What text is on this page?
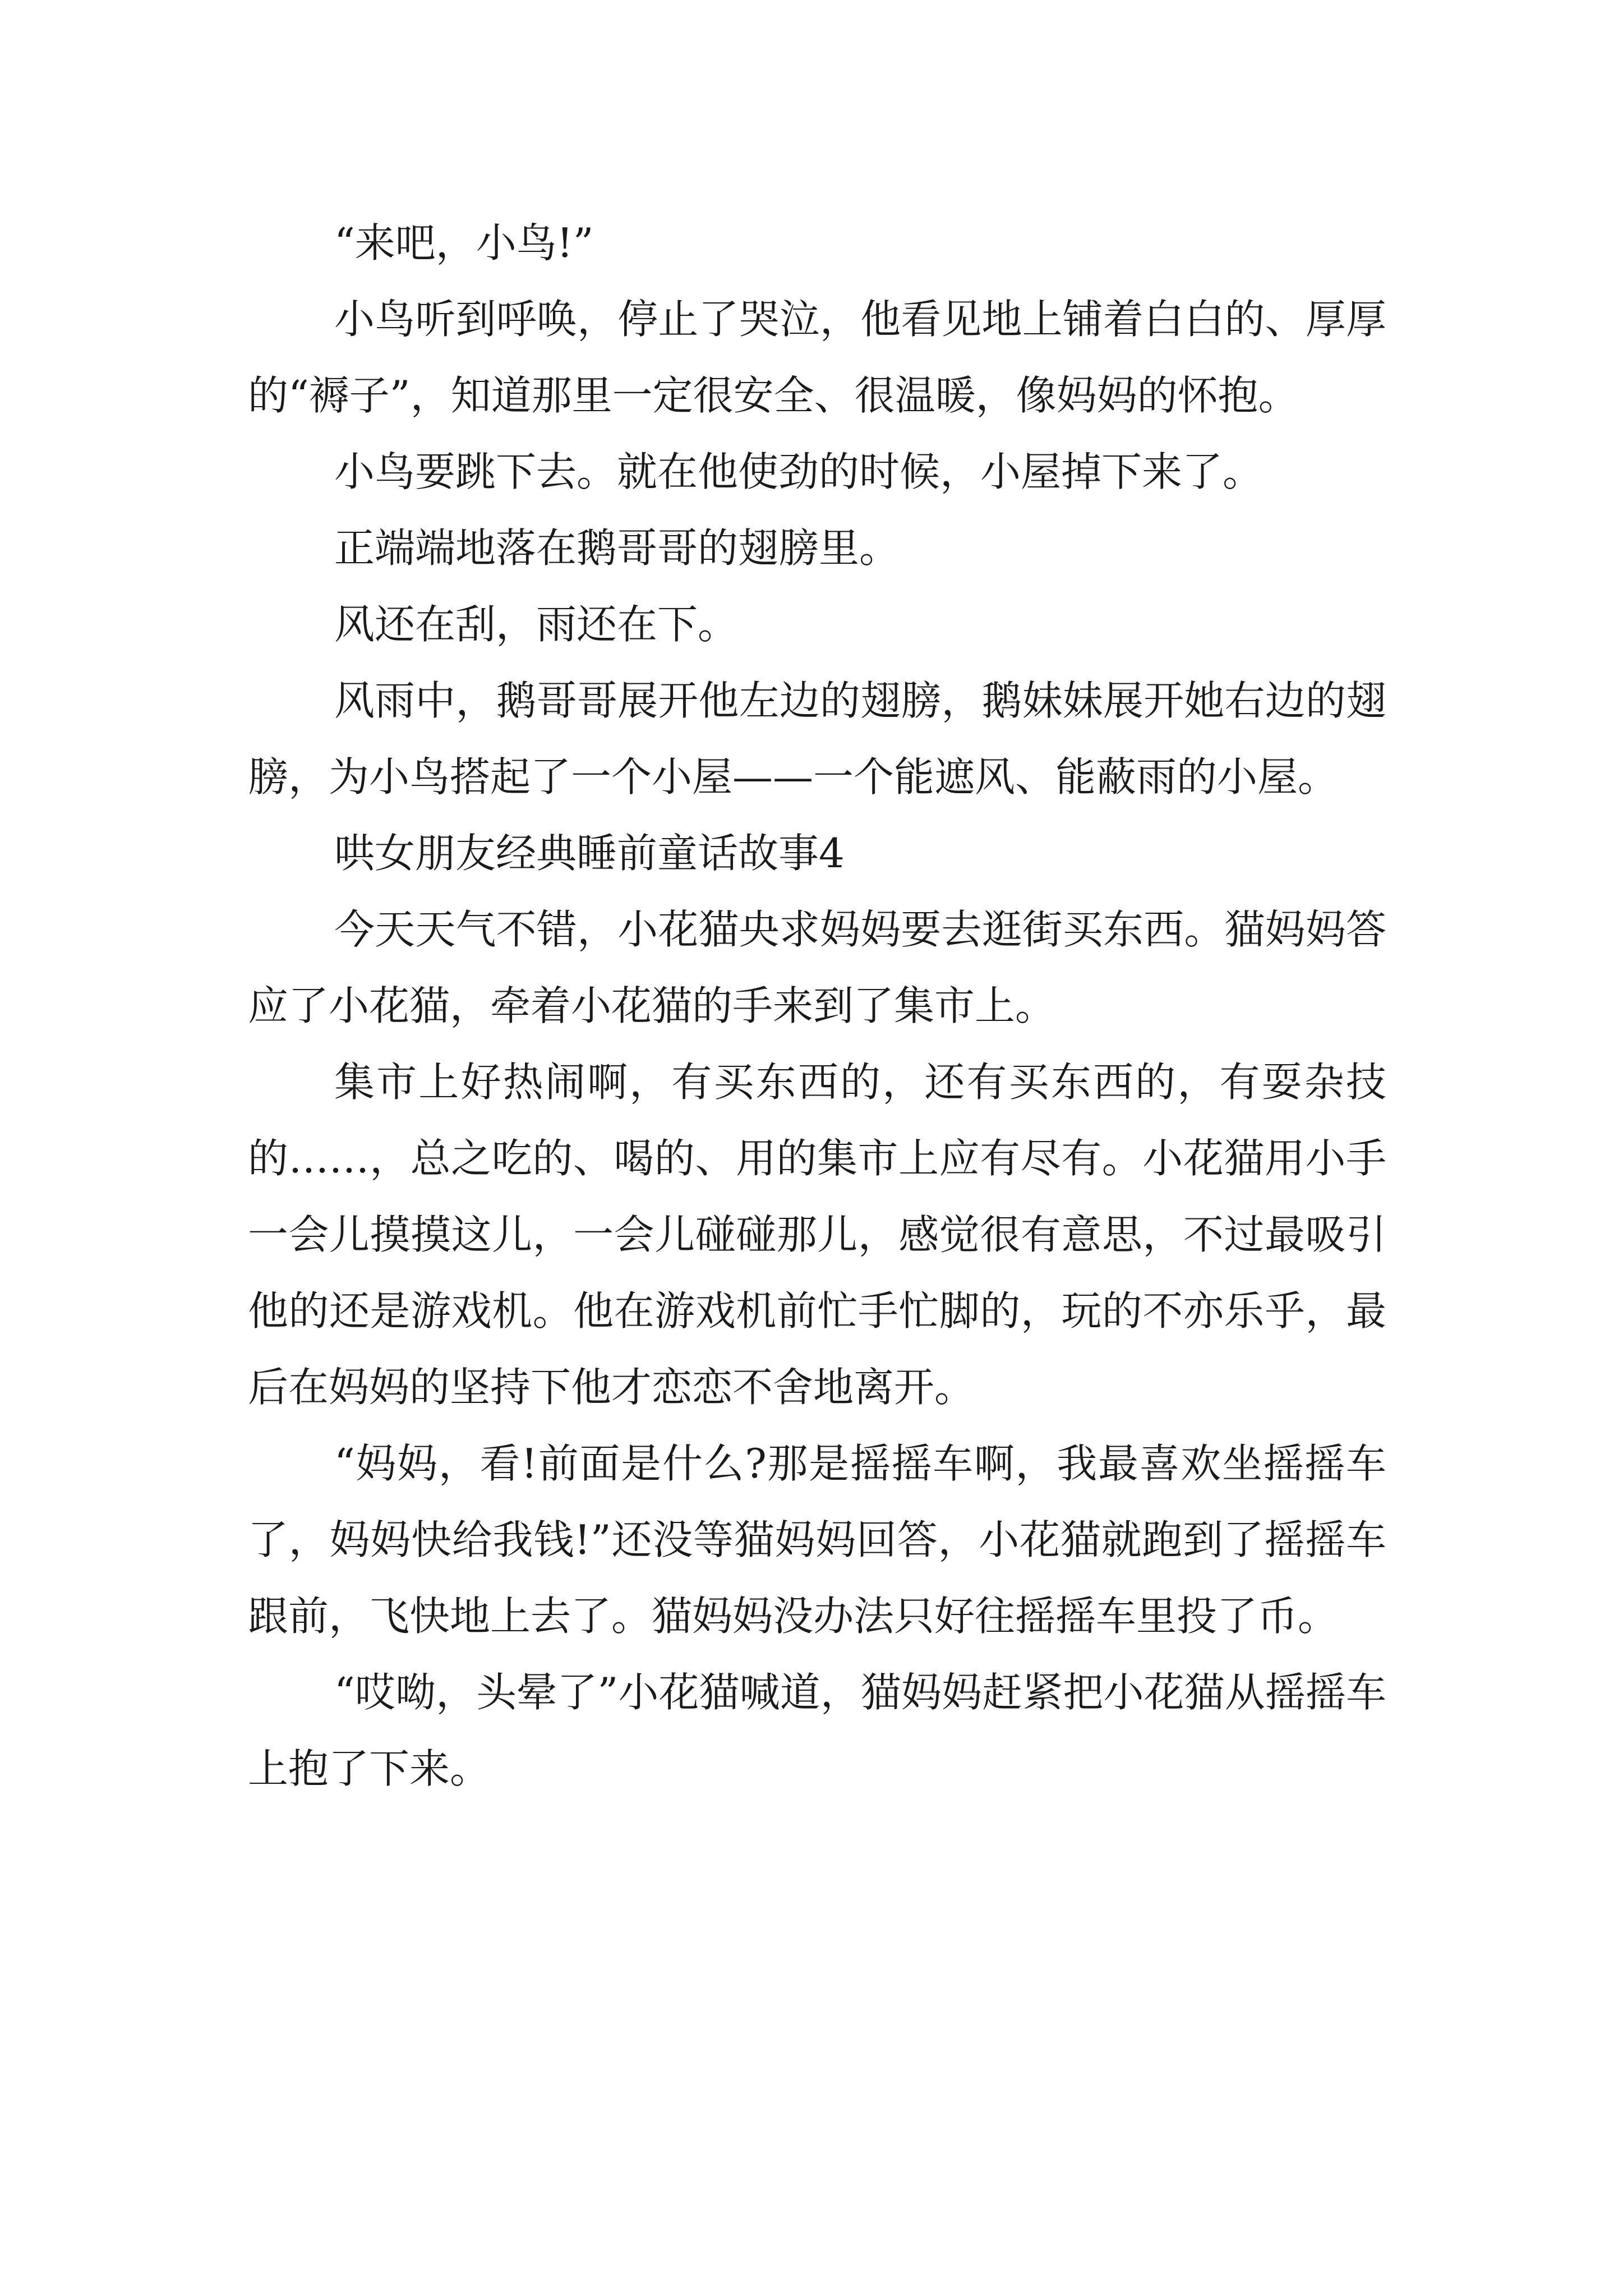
“来吧，小鸟!”

小鸟听到呼唤，停止了哭泣，他看见地上铺着白白的、厚厚的“褥子”，知道那里一定很安全、很温暖，像妈妈的怀抱。

小鸟要跳下去。就在他使劲的时候，小屋掉下来了。

正端端地落在鹅哥哥的翅膀里。

风还在刮，雨还在下。

风雨中，鹅哥哥展开他左边的翅膀，鹅妹妹展开她右边的翅膀，为小鸟搭起了一个小屋——一个能遮风、能蔽雨的小屋。

哄女朋友经典睡前童话故事4

今天天气不错，小花猫央求妈妈要去逛街买东西。猫妈妈答应了小花猫，牵着小花猫的手来到了集市上。

集市上好热闹啊，有买东西的，还有买东西的，有耍杂技的……，总之吃的、喝的、用的集市上应有尽有。小花猫用小手一会儿摸摸这儿，一会儿碰碰那儿，感觉很有意思，不过最吸引他的还是游戏机。他在游戏机前忙手忙脚的，玩的不亦乐乎，最后在妈妈的坚持下他才恋恋不舍地离开。

“妈妈，看!前面是什么?那是摇摇车啊，我最喜欢坐摇摇车了，妈妈快给我钱!”还没等猫妈妈回答，小花猫就跑到了摇摇车跟前，飞快地上去了。猫妈妈没办法只好往摇摇车里投了币。

“哎呦，头晕了”小花猫喊道，猫妈妈赶紧把小花猫从摇摇车上抱了下来。
